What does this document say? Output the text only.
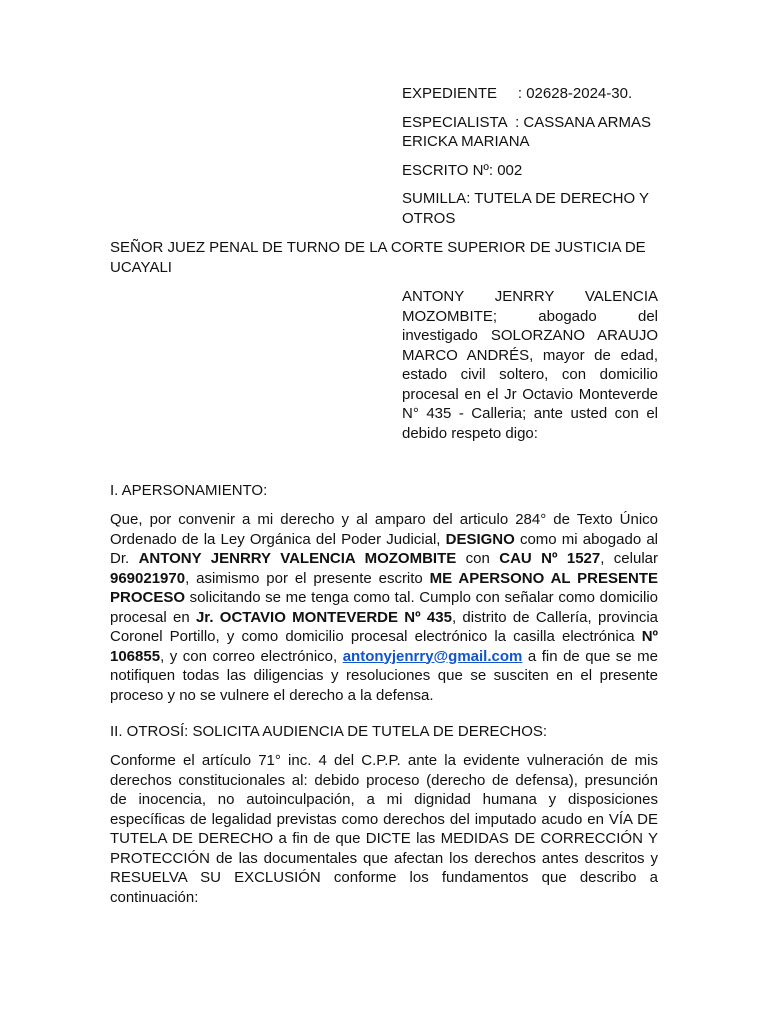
EXPEDIENTE     : 02628-2024-30.

ESPECIALISTA  : CASSANA ARMAS ERICKA MARIANA

ESCRITO Nº: 002

SUMILLA: TUTELA DE DERECHO Y OTROS

SEÑOR JUEZ PENAL DE TURNO DE LA CORTE SUPERIOR DE JUSTICIA DE UCAYALI

ANTONY JENRRY VALENCIA MOZOMBITE; abogado del investigado SOLORZANO ARAUJO MARCO ANDRÉS, mayor de edad, estado civil soltero, con domicilio procesal en el Jr Octavio Monteverde N° 435 - Calleria; ante usted con el debido respeto digo:

I. APERSONAMIENTO:

Que, por convenir a mi derecho y al amparo del articulo 284° de Texto Único Ordenado de la Ley Orgánica del Poder Judicial, DESIGNO como mi abogado al Dr. ANTONY JENRRY VALENCIA MOZOMBITE con CAU Nº 1527, celular 969021970, asimismo por el presente escrito ME APERSONO AL PRESENTE PROCESO solicitando se me tenga como tal. Cumplo con señalar como domicilio procesal en Jr. OCTAVIO MONTEVERDE Nº 435, distrito de Callería, provincia Coronel Portillo, y como domicilio procesal electrónico la casilla electrónica Nº 106855, y con correo electrónico, antonyjenrry@gmail.com a fin de que se me notifiquen todas las diligencias y resoluciones que se susciten en el presente proceso y no se vulnere el derecho a la defensa.

II. OTROSÍ: SOLICITA AUDIENCIA DE TUTELA DE DERECHOS:

Conforme el artículo 71° inc. 4 del C.P.P. ante la evidente vulneración de mis derechos constitucionales al: debido proceso (derecho de defensa), presunción de inocencia, no autoinculpación, a mi dignidad humana y disposiciones específicas de legalidad previstas como derechos del imputado acudo en VÍA DE TUTELA DE DERECHO a fin de que DICTE las MEDIDAS DE CORRECCIÓN Y PROTECCIÓN de las documentales que afectan los derechos antes descritos y RESUELVA SU EXCLUSIÓN conforme los fundamentos que describo a continuación:
